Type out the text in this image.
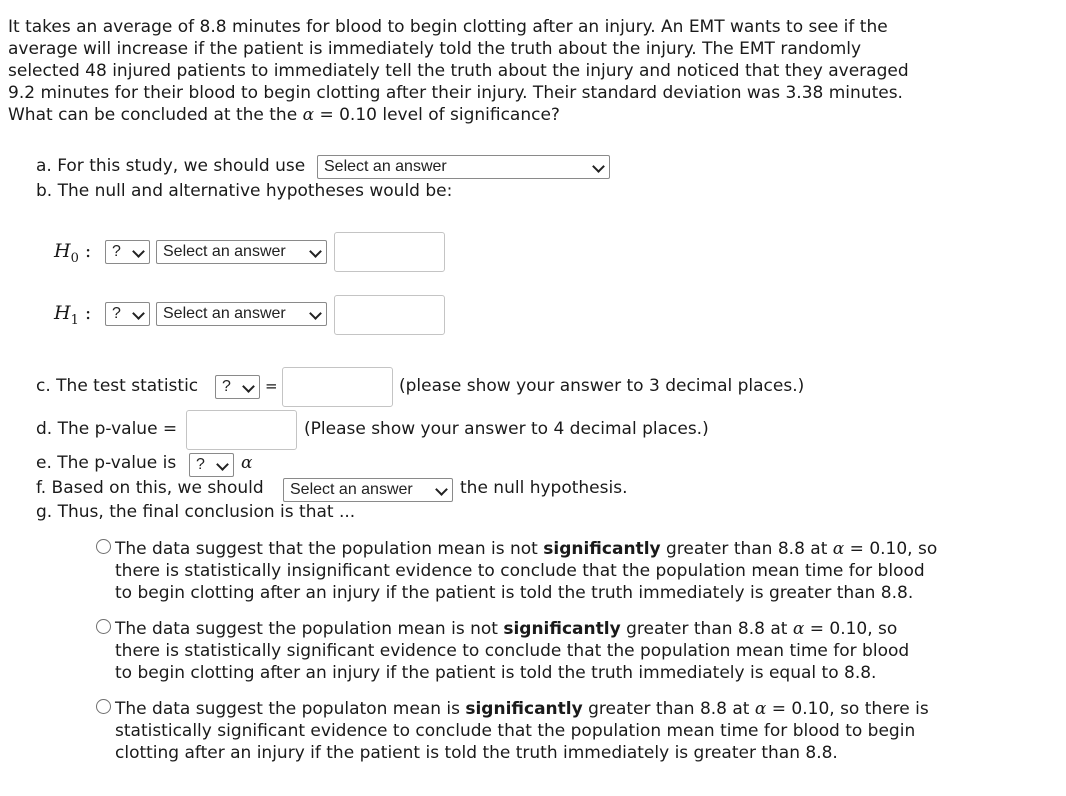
It takes an average of 8.8 minutes for blood to begin clotting after an injury. An EMT wants to see if the
average will increase if the patient is immediately told the truth about the injury. The EMT randomly
selected 48 injured patients to immediately tell the truth about the injury and noticed that they averaged
9.2 minutes for their blood to begin clotting after their injury. Their standard deviation was 3.38 minutes.
What can be concluded at the the α = 0.10 level of significance?
a. For this study, we should use	Select an answer
b. The null and alternative hypotheses would be:
$H_0$ :	?	Select an answer
$H_1$ :	?	Select an answer
c. The test statistic	?	=	(please show your answer to 3 decimal places.)
d. The p-value =	(Please show your answer to 4 decimal places.)
e. The p-value is	?	α
f. Based on this, we should	Select an answer	the null hypothesis.
g. Thus, the final conclusion is that ...
The data suggest that the population mean is not significantly greater than 8.8 at α = 0.10, so
there is statistically insignificant evidence to conclude that the population mean time for blood
to begin clotting after an injury if the patient is told the truth immediately is greater than 8.8.
The data suggest the population mean is not significantly greater than 8.8 at α = 0.10, so
there is statistically significant evidence to conclude that the population mean time for blood
to begin clotting after an injury if the patient is told the truth immediately is equal to 8.8.
The data suggest the populaton mean is significantly greater than 8.8 at α = 0.10, so there is
statistically significant evidence to conclude that the population mean time for blood to begin
clotting after an injury if the patient is told the truth immediately is greater than 8.8.
